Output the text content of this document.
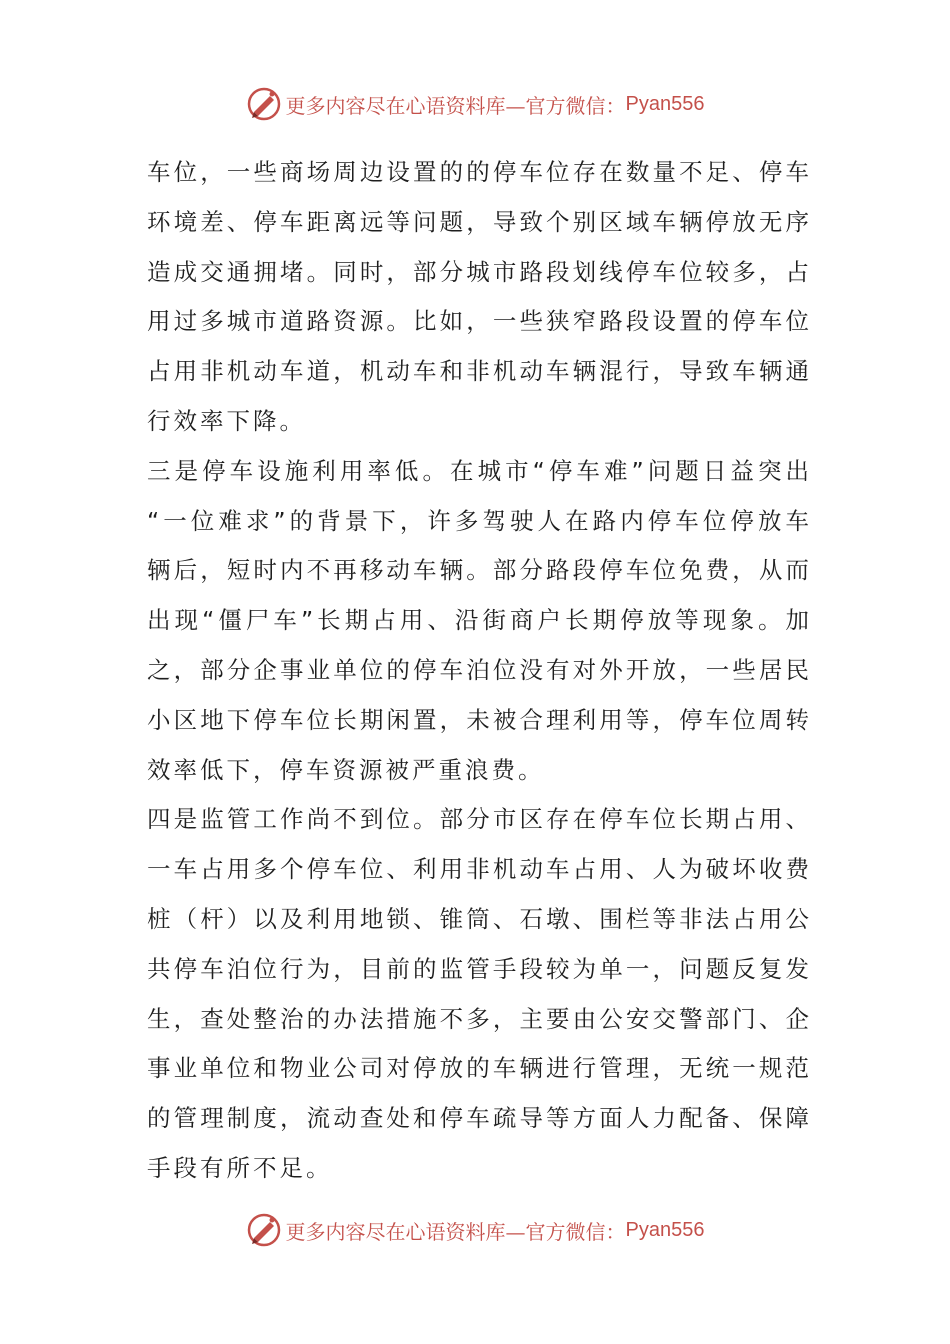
更多内容尽在心语资料库—官方微信： Pyan556
车位，一些商场周边设置的的停车位存在数量不足、停车
环境差、停车距离远等问题，导致个别区域车辆停放无序
造成交通拥堵。同时，部分城市路段划线停车位较多，占
用过多城市道路资源。比如，一些狭窄路段设置的停车位
占用非机动车道，机动车和非机动车辆混行，导致车辆通
行效率下降。
三是停车设施利用率低。在城市“停车难”问题日益突出
“一位难求”的背景下，许多驾驶人在路内停车位停放车
辆后，短时内不再移动车辆。部分路段停车位免费，从而
出现“僵尸车”长期占用、沿街商户长期停放等现象。加
之，部分企事业单位的停车泊位没有对外开放，一些居民
小区地下停车位长期闲置，未被合理利用等，停车位周转
效率低下，停车资源被严重浪费。
四是监管工作尚不到位。部分市区存在停车位长期占用、
一车占用多个停车位、利用非机动车占用、人为破坏收费
桩（杆）以及利用地锁、锥筒、石墩、围栏等非法占用公
共停车泊位行为，目前的监管手段较为单一，问题反复发
生，查处整治的办法措施不多，主要由公安交警部门、企
事业单位和物业公司对停放的车辆进行管理，无统一规范
的管理制度，流动查处和停车疏导等方面人力配备、保障
手段有所不足。
更多内容尽在心语资料库—官方微信： Pyan556
